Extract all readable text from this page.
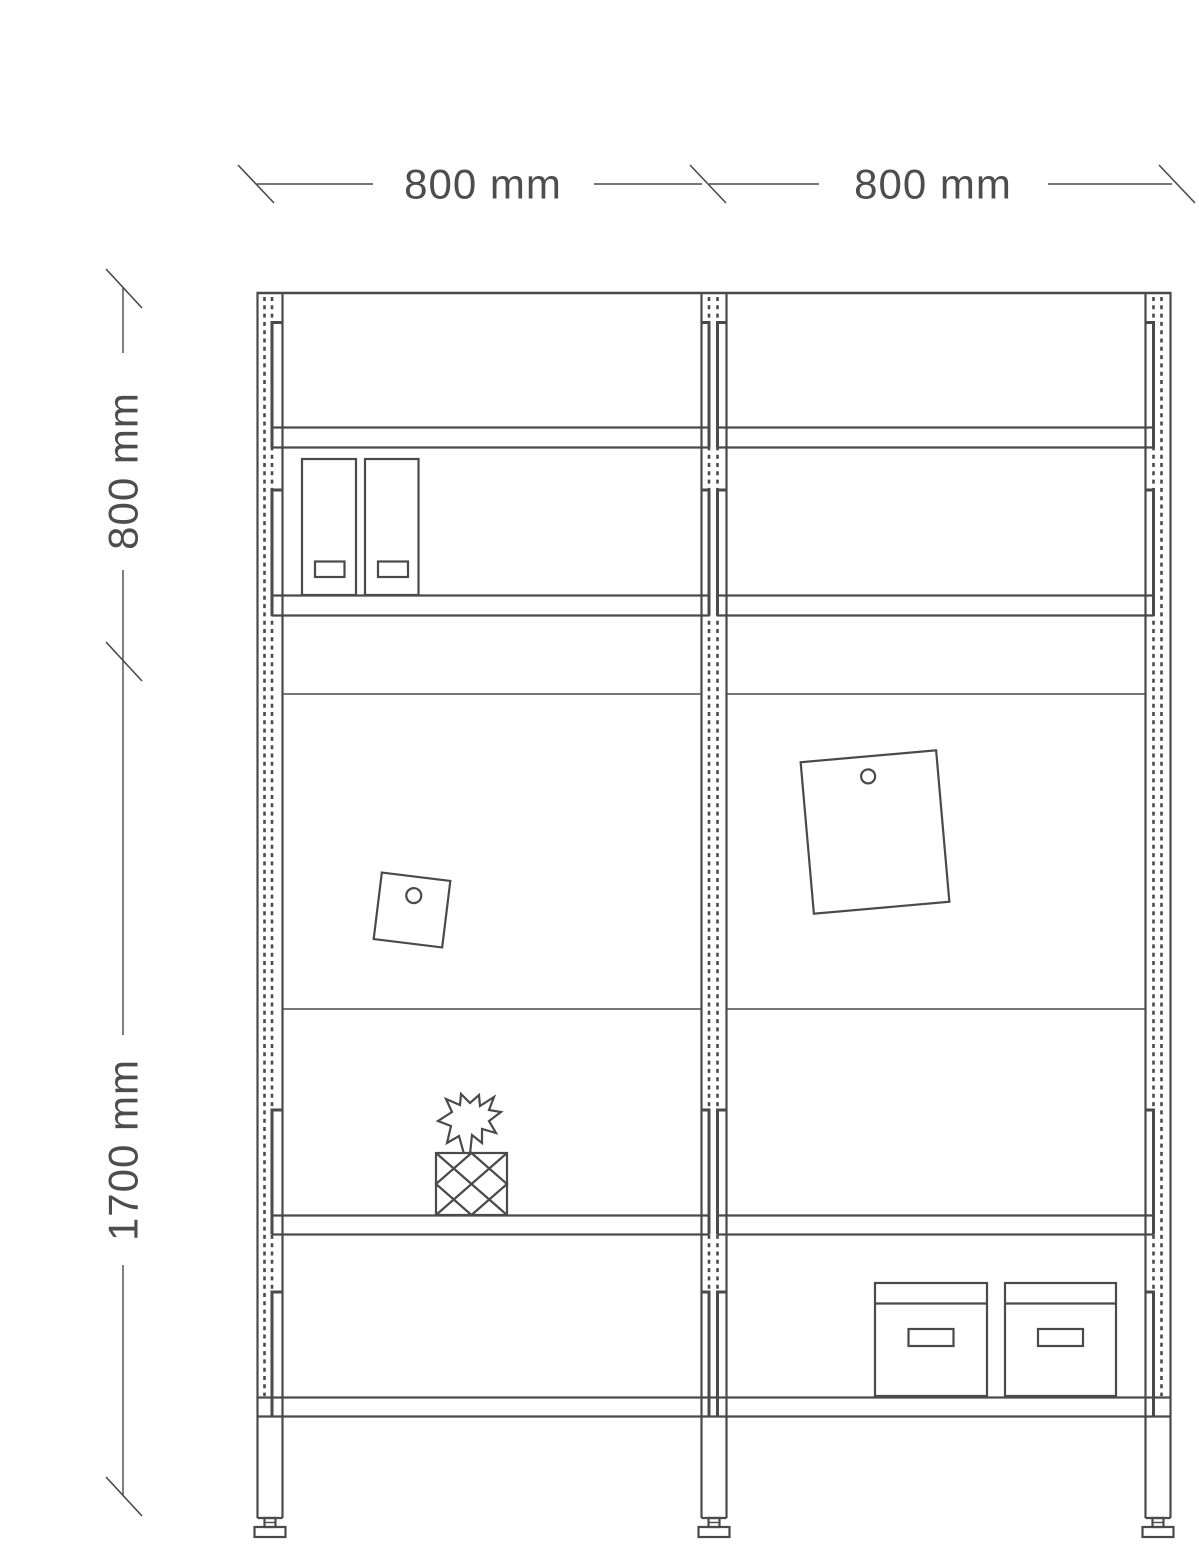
800 mm	800 mm
800 mm
1700 mm
